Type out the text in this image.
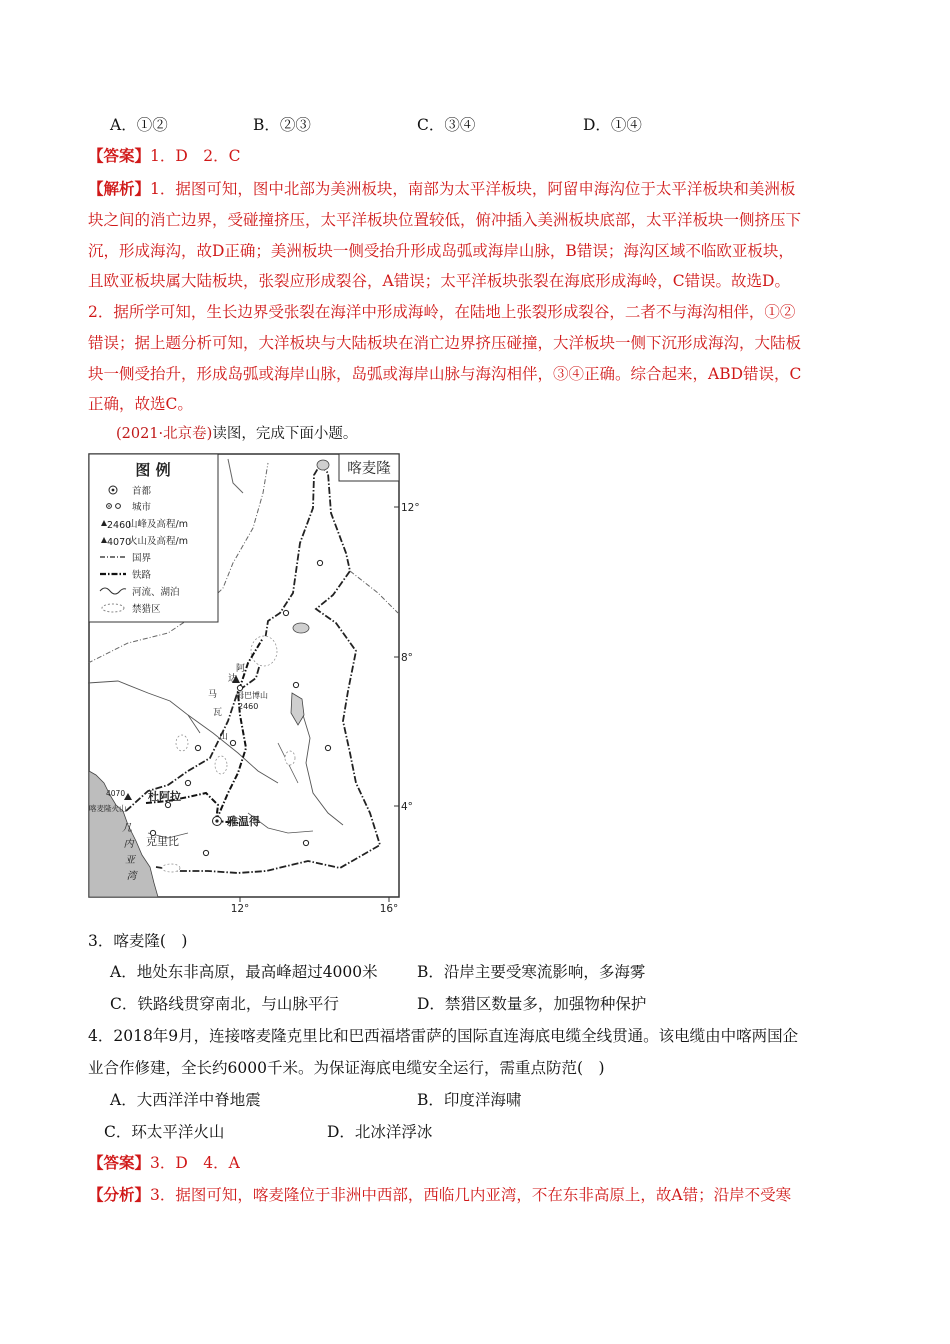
A．①②	B．②③	C．③④	D．①④
【答案】1．D　2．C
【解析】1．据图可知，图中北部为美洲板块，南部为太平洋板块，阿留申海沟位于太平洋板块和美洲板
块之间的消亡边界，受碰撞挤压，太平洋板块位置较低，俯冲插入美洲板块底部，太平洋板块一侧挤压下
沉，形成海沟，故D正确；美洲板块一侧受抬升形成岛弧或海岸山脉，B错误；海沟区域不临欧亚板块，
且欧亚板块属大陆板块，张裂应形成裂谷，A错误；太平洋板块张裂在海底形成海岭，C错误。故选D。
2．据所学可知，生长边界受张裂在海洋中形成海岭，在陆地上张裂形成裂谷，二者不与海沟相伴，①②
错误；据上题分析可知，大洋板块与大陆板块在消亡边界挤压碰撞，大洋板块一侧下沉形成海沟，大陆板
块一侧受抬升，形成岛弧或海岸山脉，岛弧或海岸山脉与海沟相伴，③④正确。综合起来，ABD错误，C
正确，故选C。
(2021·北京卷)读图，完成下面小题。
喀麦隆
图 例
2460
4070
首都
城市
山峰及高程/m
火山及高程/m
国界
铁路
河流、湖泊
禁猎区
12°
8°
4°
12°	16°
阿达马瓦山
姆巴博山
2460
4070
喀麦隆火山
杜阿拉
雅温得
克里比
几内亚湾
3．喀麦隆(　)
A．地处东非高原，最高峰超过4000米	B．沿岸主要受寒流影响，多海雾
C．铁路线贯穿南北，与山脉平行	D．禁猎区数量多，加强物种保护
4．2018年9月，连接喀麦隆克里比和巴西福塔雷萨的国际直连海底电缆全线贯通。该电缆由中喀两国企
业合作修建，全长约6000千米。为保证海底电缆安全运行，需重点防范(　)
A．大西洋洋中脊地震	B．印度洋海啸
C．环太平洋火山	D．北冰洋浮冰
【答案】3．D　4．A
【分析】3．据图可知，喀麦隆位于非洲中西部，西临几内亚湾，不在东非高原上，故A错；沿岸不受寒
